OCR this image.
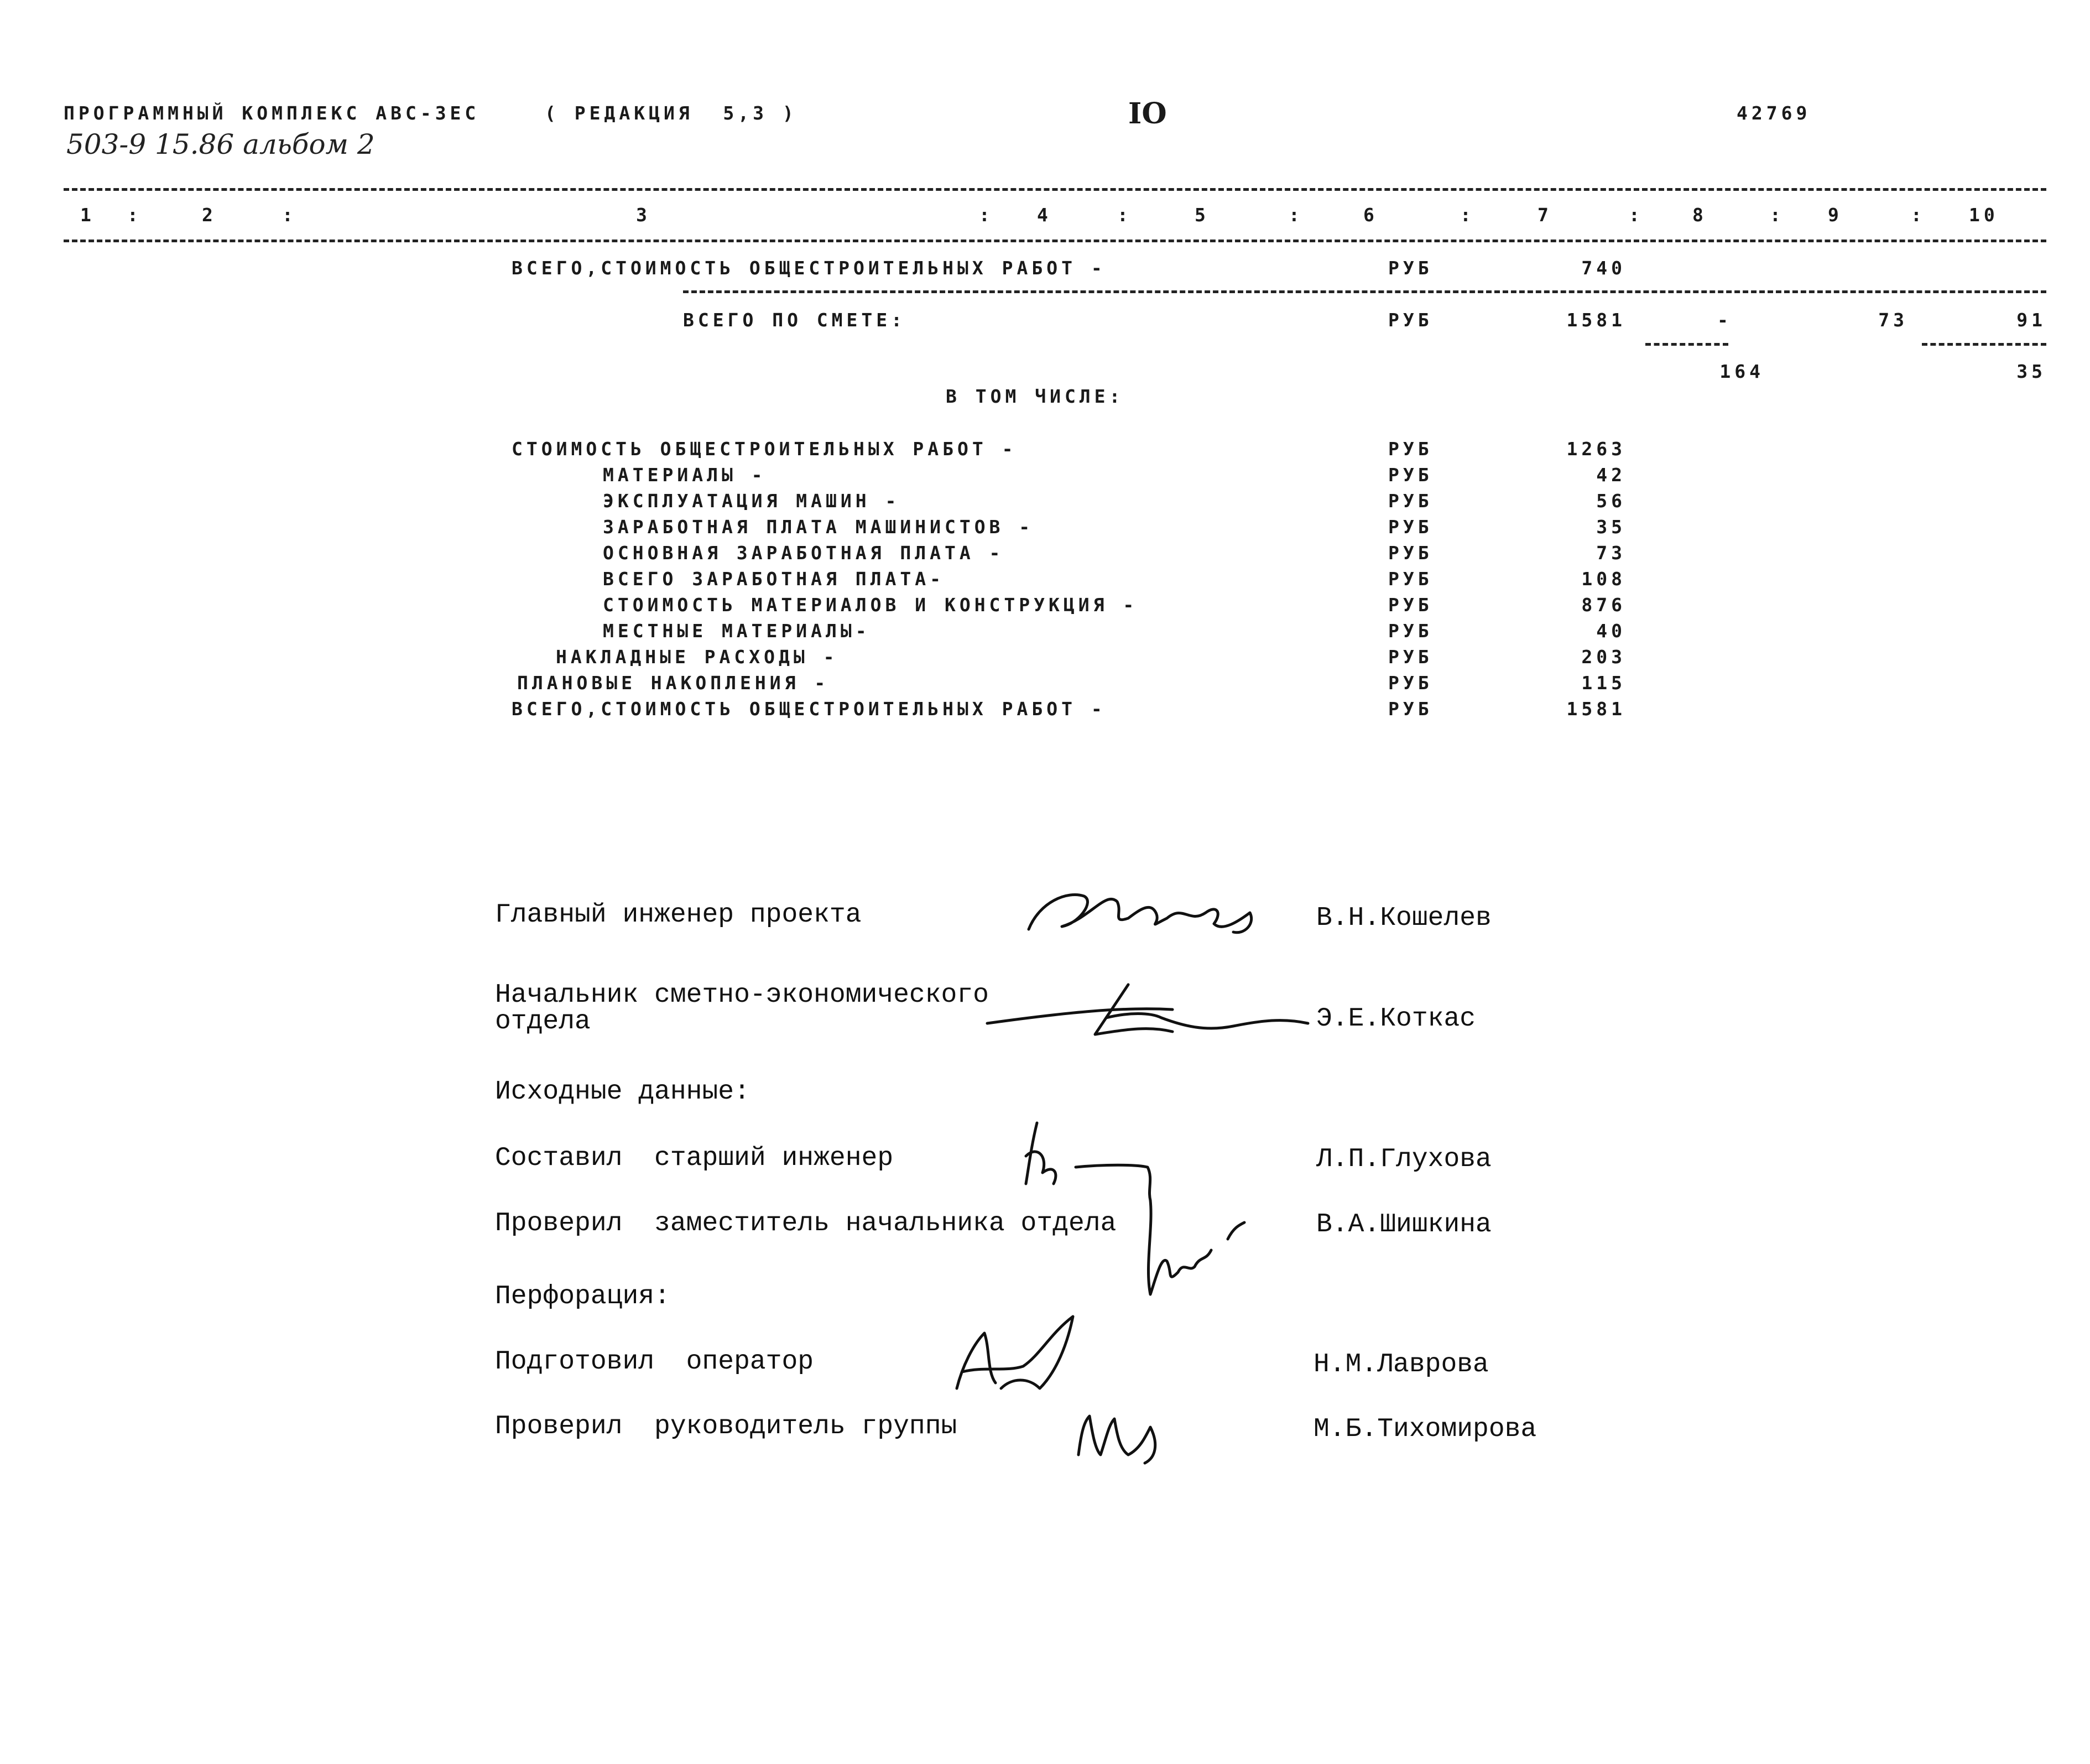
ПРОГРАММНЫЙ КОМПЛЕКС АВС-3ЕС	( РЕДАКЦИЯ  5,3 )	IO	42769
503-9 15.86 альбом 2
1 :	2	:	3	: 4	:	5	:	6	:	7	:	8	: 9	: 10
ВСЕГО,СТОИМОСТЬ ОБЩЕСТРОИТЕЛЬНЫХ РАБОТ -	РУБ	740
ВСЕГО ПО СМЕТЕ:	РУБ	1581	-	73	91
164	35
В ТОМ ЧИСЛЕ:
СТОИМОСТЬ ОБЩЕСТРОИТЕЛЬНЫХ РАБОТ -	РУБ	1263
МАТЕРИАЛЫ -	РУБ	42
ЭКСПЛУАТАЦИЯ МАШИН -	РУБ	56
ЗАРАБОТНАЯ ПЛАТА МАШИНИСТОВ -	РУБ	35
ОСНОВНАЯ ЗАРАБОТНАЯ ПЛАТА -	РУБ	73
ВСЕГО ЗАРАБОТНАЯ ПЛАТА-	РУБ	108
СТОИМОСТЬ МАТЕРИАЛОВ И КОНСТРУКЦИЯ -	РУБ	876
МЕСТНЫЕ МАТЕРИАЛЫ-	РУБ	40
НАКЛАДНЫЕ РАСХОДЫ -	РУБ	203
ПЛАНОВЫЕ НАКОПЛЕНИЯ -	РУБ	115
ВСЕГО,СТОИМОСТЬ ОБЩЕСТРОИТЕЛЬНЫХ РАБОТ -	РУБ	1581
Главный инженер проекта	В.Н.Кошелев
Начальник сметно-экономического
отдела	Э.Е.Коткас
Исходные данные:
Составил  старший инженер	Л.П.Глухова
Проверил  заместитель начальника отдела	В.А.Шишкина
Перфорация:
Подготовил  оператор	Н.М.Лаврова
Проверил  руководитель группы	М.Б.Тихомирова
